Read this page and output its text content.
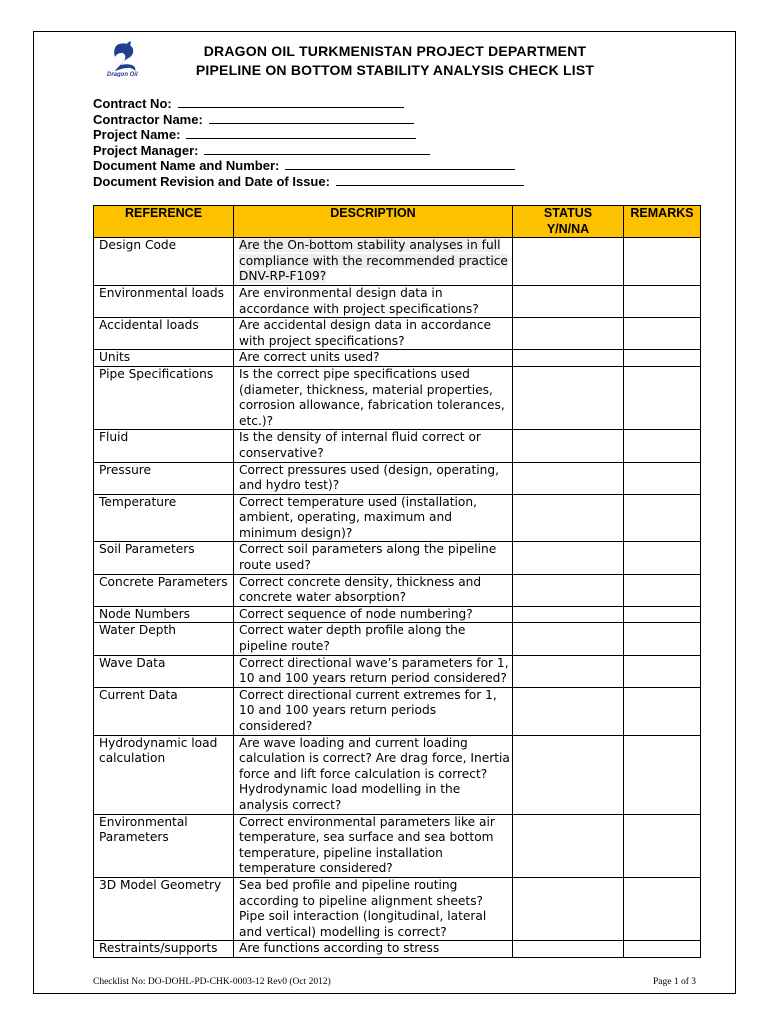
Dragon Oil
DRAGON OIL TURKMENISTAN PROJECT DEPARTMENT
PIPELINE ON BOTTOM STABILITY ANALYSIS CHECK LIST
Contract No:
Contractor Name:
Project Name:
Project Manager:
Document Name and Number:
Document Revision and Date of Issue:
REFERENCE	DESCRIPTION	STATUS Y/N/NA	REMARKS
Design Code	Are the On-bottom stability analyses in full compliance with the recommended practice DNV-RP-F109?		
Environmental loads	Are environmental design data in accordance with project specifications?		
Accidental loads	Are accidental design data in accordance with project specifications?		
Units	Are correct units used?		
Pipe Specifications	Is the correct pipe specifications used (diameter, thickness, material properties, corrosion allowance, fabrication tolerances, etc.)?		
Fluid	Is the density of internal fluid correct or conservative?		
Pressure	Correct pressures used (design, operating, and hydro test)?		
Temperature	Correct temperature used (installation, ambient, operating, maximum and minimum design)?		
Soil Parameters	Correct soil parameters along the pipeline route used?		
Concrete Parameters	Correct concrete density, thickness and concrete water absorption?		
Node Numbers	Correct sequence of node numbering?		
Water Depth	Correct water depth profile along the pipeline route?		
Wave Data	Correct directional wave’s parameters for 1, 10 and 100 years return period considered?		
Current Data	Correct directional current extremes for 1, 10 and 100 years return periods considered?		
Hydrodynamic load calculation	Are wave loading and current loading calculation is correct? Are drag force, Inertia force and lift force calculation is correct? Hydrodynamic load modelling in the analysis correct?		
Environmental Parameters	Correct environmental parameters like air temperature, sea surface and sea bottom temperature, pipeline installation temperature considered?		
3D Model Geometry	Sea bed profile and pipeline routing according to pipeline alignment sheets? Pipe soil interaction (longitudinal, lateral and vertical) modelling is correct?		
Restraints/supports	Are functions according to stress		
Checklist No: DO-DOHL-PD-CHK-0003-12 Rev0 (Oct 2012)	Page 1 of 3
